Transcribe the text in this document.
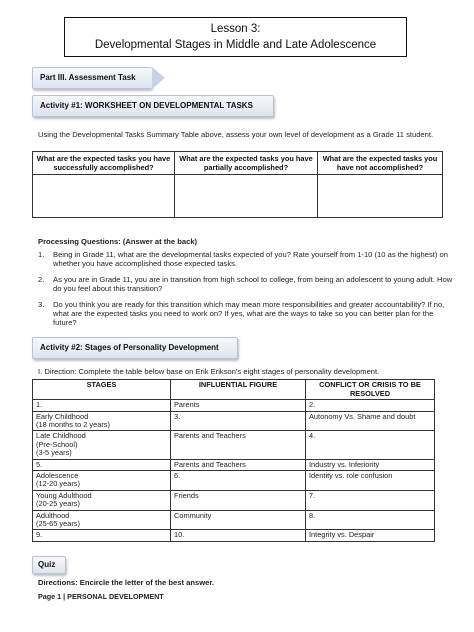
Lesson 3:
Developmental Stages in Middle and Late Adolescence
Part III. Assessment Task
Activity #1: WORKSHEET ON DEVELOPMENTAL TASKS
Using the Developmental Tasks Summary Table above, assess your own level of development as a Grade 11 student.
What are the expected tasks you have successfully accomplished?	What are the expected tasks you have partially accomplished?	What are the expected tasks you have not accomplished?

Processing Questions: (Answer at the back)
1. Being in Grade 11, what are the developmental tasks expected of you? Rate yourself from 1-10 (10 as the highest) on whether you have accomplished those expected tasks.
2. As you are in Grade 11, you are in transition from high school to college, from being an adolescent to young adult. How do you feel about this transition?
3. Do you think you are ready for this transition which may mean more responsibilities and greater accountability? If no, what are the expected tasks you need to work on? If yes, what are the ways to take so you can better plan for the future?
Activity #2: Stages of Personality Development
I. Direction: Complete the table below base on Erik Erikson's eight stages of personality development.
STAGES	INFLUENTIAL FIGURE	CONFLICT OR CRISIS TO BE RESOLVED
1.	Parents	2.
Early Childhood
(18 months to 2 years)	3.	Autonomy Vs. Shame and doubt
Late Childhood
(Pre-School)
(3-5 years)	Parents and Teachers	4.
5.	Parents and Teachers	Industry vs. Inferiority
Adolescence
(12-20 years)	6.	Identity vs. role confusion
Young Adulthood
(20-25 years)	Friends	7.
Adulthood
(25-65 years)	Community	8.
9.	10.	Integrity vs. Despair
Quiz
Directions: Encircle the letter of the best answer.
Page 1 | PERSONAL DEVELOPMENT
